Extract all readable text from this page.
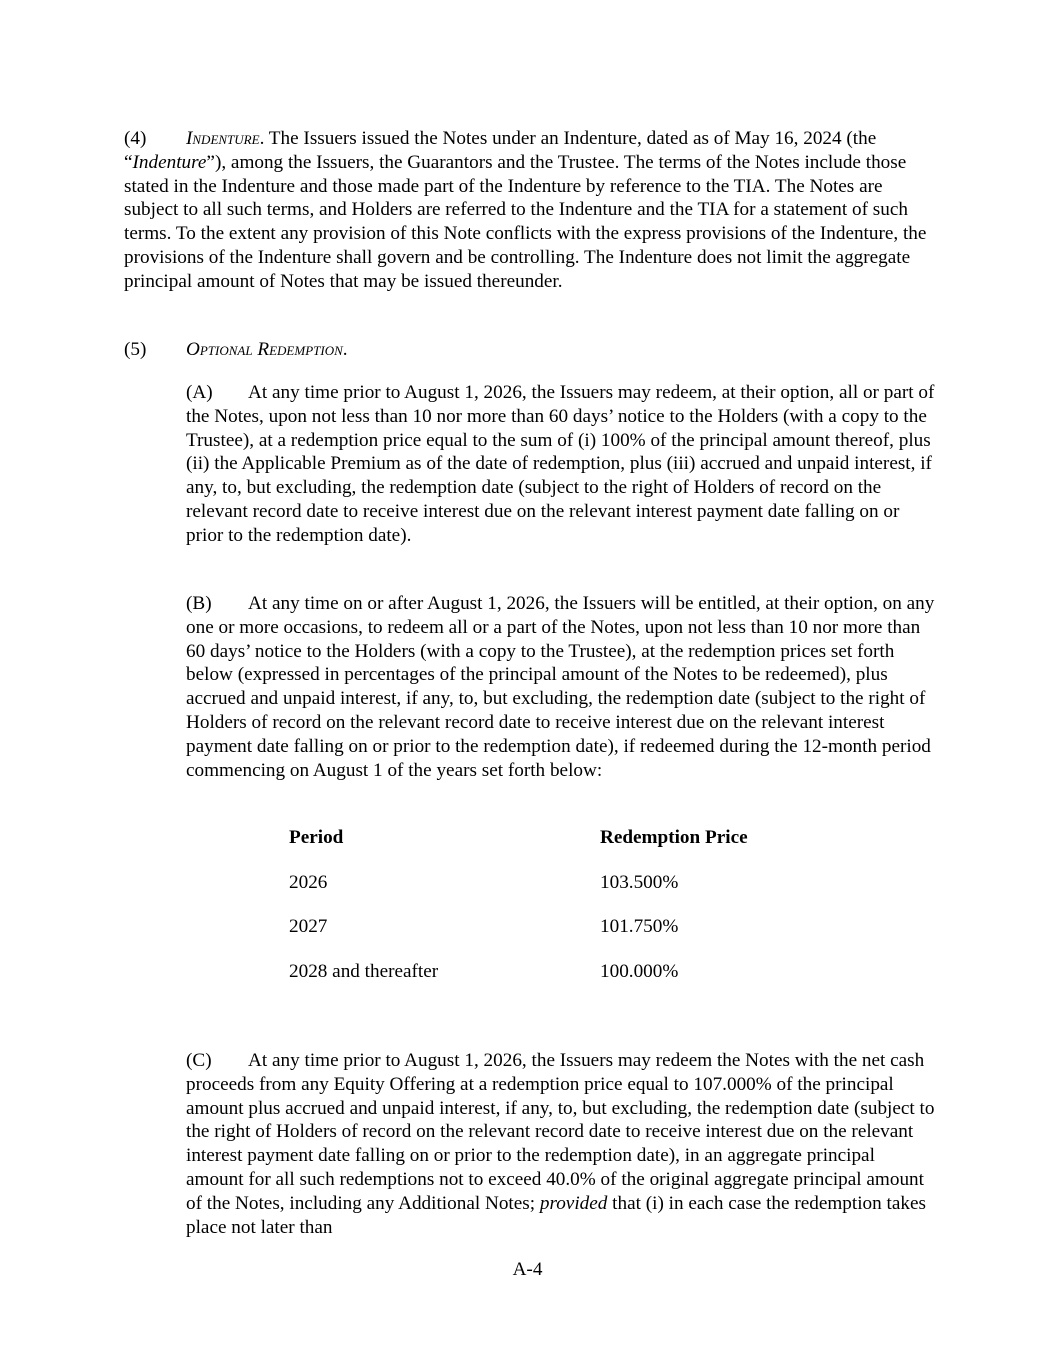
(4) Indenture. The Issuers issued the Notes under an Indenture, dated as of May 16, 2024 (the “Indenture”), among the Issuers, the Guarantors and the Trustee. The terms of the Notes include those stated in the Indenture and those made part of the Indenture by reference to the TIA. The Notes are subject to all such terms, and Holders are referred to the Indenture and the TIA for a statement of such terms. To the extent any provision of this Note conflicts with the express provisions of the Indenture, the provisions of the Indenture shall govern and be controlling. The Indenture does not limit the aggregate principal amount of Notes that may be issued thereunder.

(5) Optional Redemption.

(A) At any time prior to August 1, 2026, the Issuers may redeem, at their option, all or part of the Notes, upon not less than 10 nor more than 60 days’ notice to the Holders (with a copy to the Trustee), at a redemption price equal to the sum of (i) 100% of the principal amount thereof, plus (ii) the Applicable Premium as of the date of redemption, plus (iii) accrued and unpaid interest, if any, to, but excluding, the redemption date (subject to the right of Holders of record on the relevant record date to receive interest due on the relevant interest payment date falling on or prior to the redemption date).

(B) At any time on or after August 1, 2026, the Issuers will be entitled, at their option, on any one or more occasions, to redeem all or a part of the Notes, upon not less than 10 nor more than 60 days’ notice to the Holders (with a copy to the Trustee), at the redemption prices set forth below (expressed in percentages of the principal amount of the Notes to be redeemed), plus accrued and unpaid interest, if any, to, but excluding, the redemption date (subject to the right of Holders of record on the relevant record date to receive interest due on the relevant interest payment date falling on or prior to the redemption date), if redeemed during the 12-month period commencing on August 1 of the years set forth below:

Period	Redemption Price
2026	103.500%
2027	101.750%
2028 and thereafter	100.000%

(C) At any time prior to August 1, 2026, the Issuers may redeem the Notes with the net cash proceeds from any Equity Offering at a redemption price equal to 107.000% of the principal amount plus accrued and unpaid interest, if any, to, but excluding, the redemption date (subject to the right of Holders of record on the relevant record date to receive interest due on the relevant interest payment date falling on or prior to the redemption date), in an aggregate principal amount for all such redemptions not to exceed 40.0% of the original aggregate principal amount of the Notes, including any Additional Notes; provided that (i) in each case the redemption takes place not later than

A-4
